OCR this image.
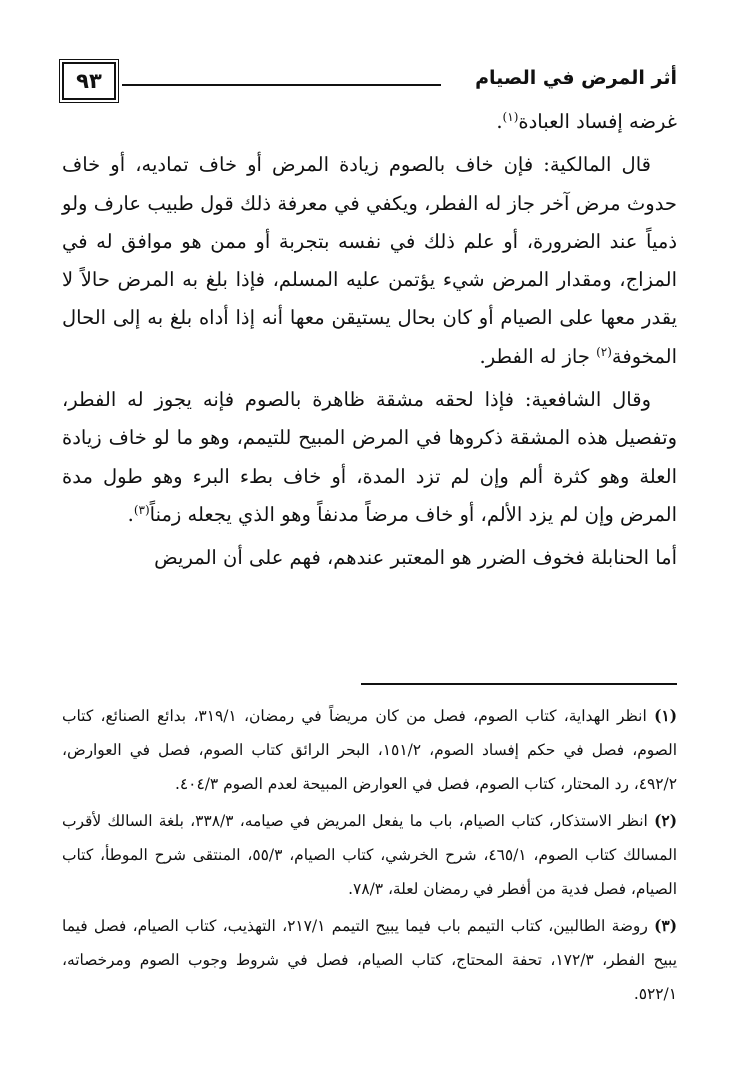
أثر المرض في الصيام
٩٣

غرضه إفساد العبادة$^{(١)}$.

قال المالكية: فإن خاف بالصوم زيادة المرض أو خاف تماديه، أو خاف حدوث مرض آخر جاز له الفطر، ويكفي في معرفة ذلك قول طبيب عارف ولو ذمياً عند الضرورة، أو علم ذلك في نفسه بتجربة أو ممن هو موافق له في المزاج، ومقدار المرض شيء يؤتمن عليه المسلم، فإذا بلغ به المرض حالاً لا يقدر معها على الصيام أو كان بحال يستيقن معها أنه إذا أداه بلغ به إلى الحال المخوفة$^{(٢)}$ جاز له الفطر.

وقال الشافعية: فإذا لحقه مشقة ظاهرة بالصوم فإنه يجوز له الفطر، وتفصيل هذه المشقة ذكروها في المرض المبيح للتيمم، وهو ما لو خاف زيادة العلة وهو كثرة ألم وإن لم تزد المدة، أو خاف بطء البرء وهو طول مدة المرض وإن لم يزد الألم، أو خاف مرضاً مدنفاً وهو الذي يجعله زمناً$^{(٣)}$.

أما الحنابلة فخوف الضرر هو المعتبر عندهم، فهم على أن المريض

(١) انظر الهداية، كتاب الصوم، فصل من كان مريضاً في رمضان، ٣١٩/١، بدائع الصنائع، كتاب الصوم، فصل في حكم إفساد الصوم، ١٥١/٢، البحر الرائق كتاب الصوم، فصل في العوارض، ٤٩٢/٢، رد المحتار، كتاب الصوم، فصل في العوارض المبيحة لعدم الصوم ٤٠٤/٣.

(٢) انظر الاستذكار، كتاب الصيام، باب ما يفعل المريض في صيامه، ٣٣٨/٣، بلغة السالك لأقرب المسالك كتاب الصوم، ٤٦٥/١، شرح الخرشي، كتاب الصيام، ٥٥/٣، المنتقى شرح الموطأ، كتاب الصيام، فصل فدية من أفطر في رمضان لعلة، ٧٨/٣.

(٣) روضة الطالبين، كتاب التيمم باب فيما يبيح التيمم ٢١٧/١، التهذيب، كتاب الصيام، فصل فيما يبيح الفطر، ١٧٢/٣، تحفة المحتاج، كتاب الصيام، فصل في شروط وجوب الصوم ومرخصاته، ٥٢٢/١.
